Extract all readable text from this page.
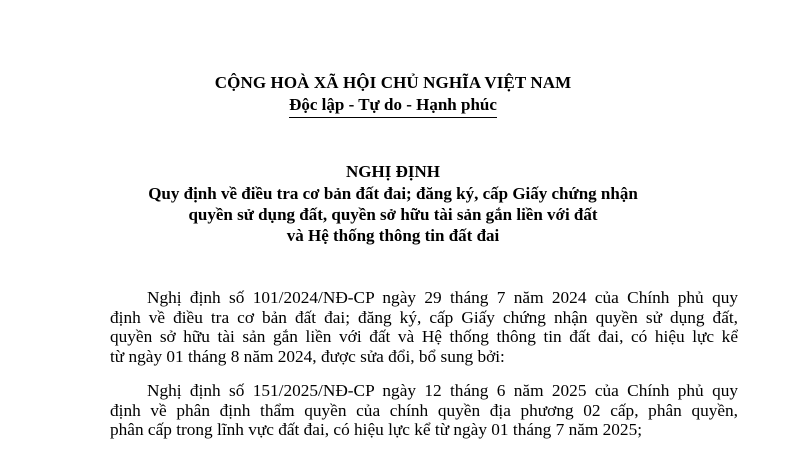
CỘNG HOÀ XÃ HỘI CHỦ NGHĨA VIỆT NAM
Độc lập - Tự do - Hạnh phúc
NGHỊ ĐỊNH
Quy định về điều tra cơ bản đất đai; đăng ký, cấp Giấy chứng nhận
quyền sử dụng đất, quyền sở hữu tài sản gắn liền với đất
và Hệ thống thông tin đất đai
Nghị định số 101/2024/NĐ-CP ngày 29 tháng 7 năm 2024 của Chính phủ quy
định về điều tra cơ bản đất đai; đăng ký, cấp Giấy chứng nhận quyền sử dụng đất,
quyền sở hữu tài sản gắn liền với đất và Hệ thống thông tin đất đai, có hiệu lực kể
từ ngày 01 tháng 8 năm 2024, được sửa đổi, bổ sung bởi:
Nghị định số 151/2025/NĐ-CP ngày 12 tháng 6 năm 2025 của Chính phủ quy
định về phân định thẩm quyền của chính quyền địa phương 02 cấp, phân quyền,
phân cấp trong lĩnh vực đất đai, có hiệu lực kể từ ngày 01 tháng 7 năm 2025;
